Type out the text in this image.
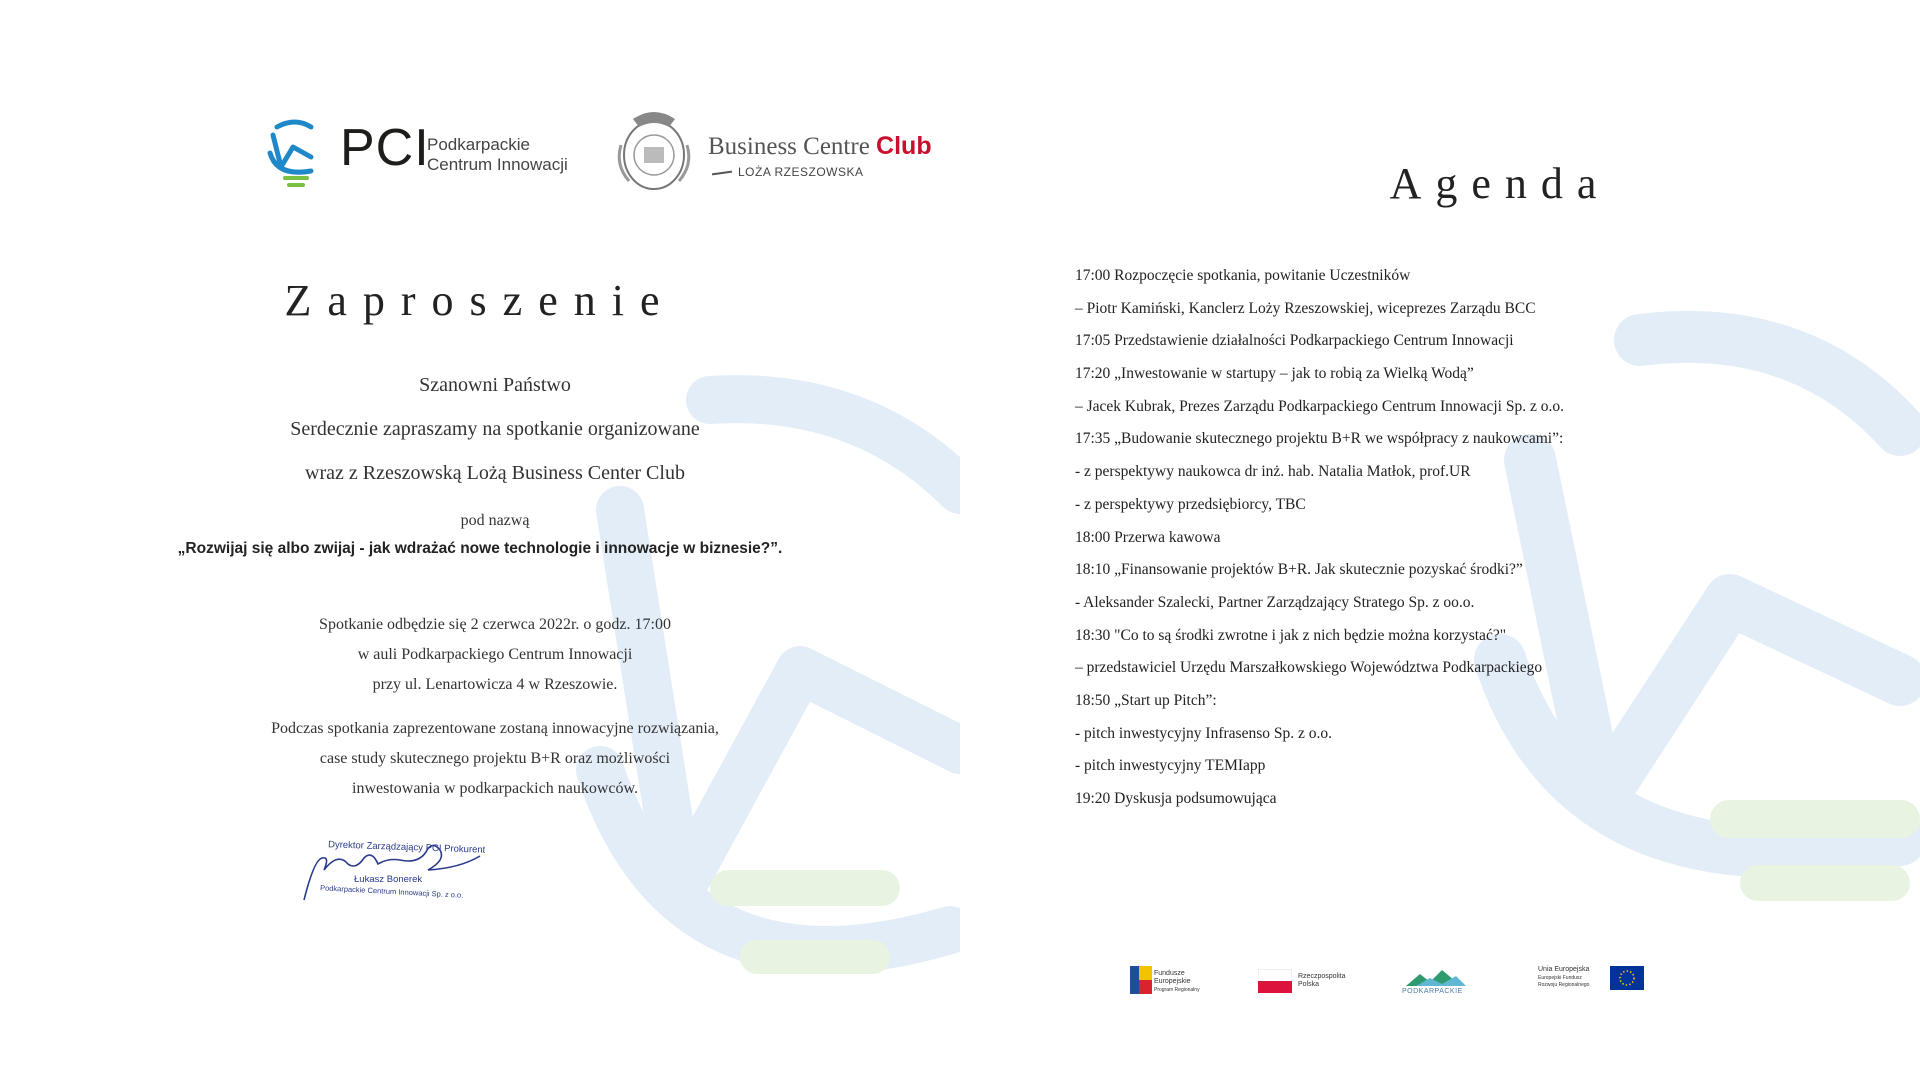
PCI
Podkarpackie
Centrum Innowacji
Business Centre Club
LOŻA RZESZOWSKA
Zaproszenie
Szanowni Państwo
Serdecznie zapraszamy na spotkanie organizowane
wraz z Rzeszowską Lożą Business Center Club
pod nazwą
„Rozwijaj się albo zwijaj - jak wdrażać nowe technologie i innowacje w biznesie?”.
Spotkanie odbędzie się 2 czerwca 2022r. o godz. 17:00
w auli Podkarpackiego Centrum Innowacji
przy ul. Lenartowicza 4 w Rzeszowie.
Podczas spotkania zaprezentowane zostaną innowacyjne rozwiązania,
case study skutecznego projektu B+R oraz możliwości
inwestowania w podkarpackich naukowców.
Dyrektor Zarządzający PCI Prokurent
Łukasz Bonerek
Podkarpackie Centrum Innowacji Sp. z o.o.
Agenda
17:00 Rozpoczęcie spotkania, powitanie Uczestników
– Piotr Kamiński, Kanclerz Loży Rzeszowskiej, wiceprezes Zarządu BCC
17:05 Przedstawienie działalności Podkarpackiego Centrum Innowacji
17:20 „Inwestowanie w startupy – jak to robią za Wielką Wodą”
– Jacek Kubrak, Prezes Zarządu Podkarpackiego Centrum Innowacji Sp. z o.o.
17:35 „Budowanie skutecznego projektu B+R we współpracy z naukowcami”:
- z perspektywy naukowca dr inż. hab. Natalia Matłok, prof.UR
- z perspektywy przedsiębiorcy, TBC
18:00 Przerwa kawowa
18:10 „Finansowanie projektów B+R. Jak skutecznie pozyskać środki?”
- Aleksander Szalecki, Partner Zarządzający Stratego Sp. z oo.o.
18:30 "Co to są środki zwrotne i jak z nich będzie można korzystać?"
– przedstawiciel Urzędu Marszałkowskiego Województwa Podkarpackiego
18:50 „Start up Pitch”:
- pitch inwestycyjny Infrasenso Sp. z o.o.
- pitch inwestycyjny TEMIapp
19:20 Dyskusja podsumowująca
Fundusze
Europejskie
Program Regionalny
Rzeczpospolita
Polska
PODKARPACKIE
Unia Europejska
Europejski Fundusz
Rozwoju Regionalnego
